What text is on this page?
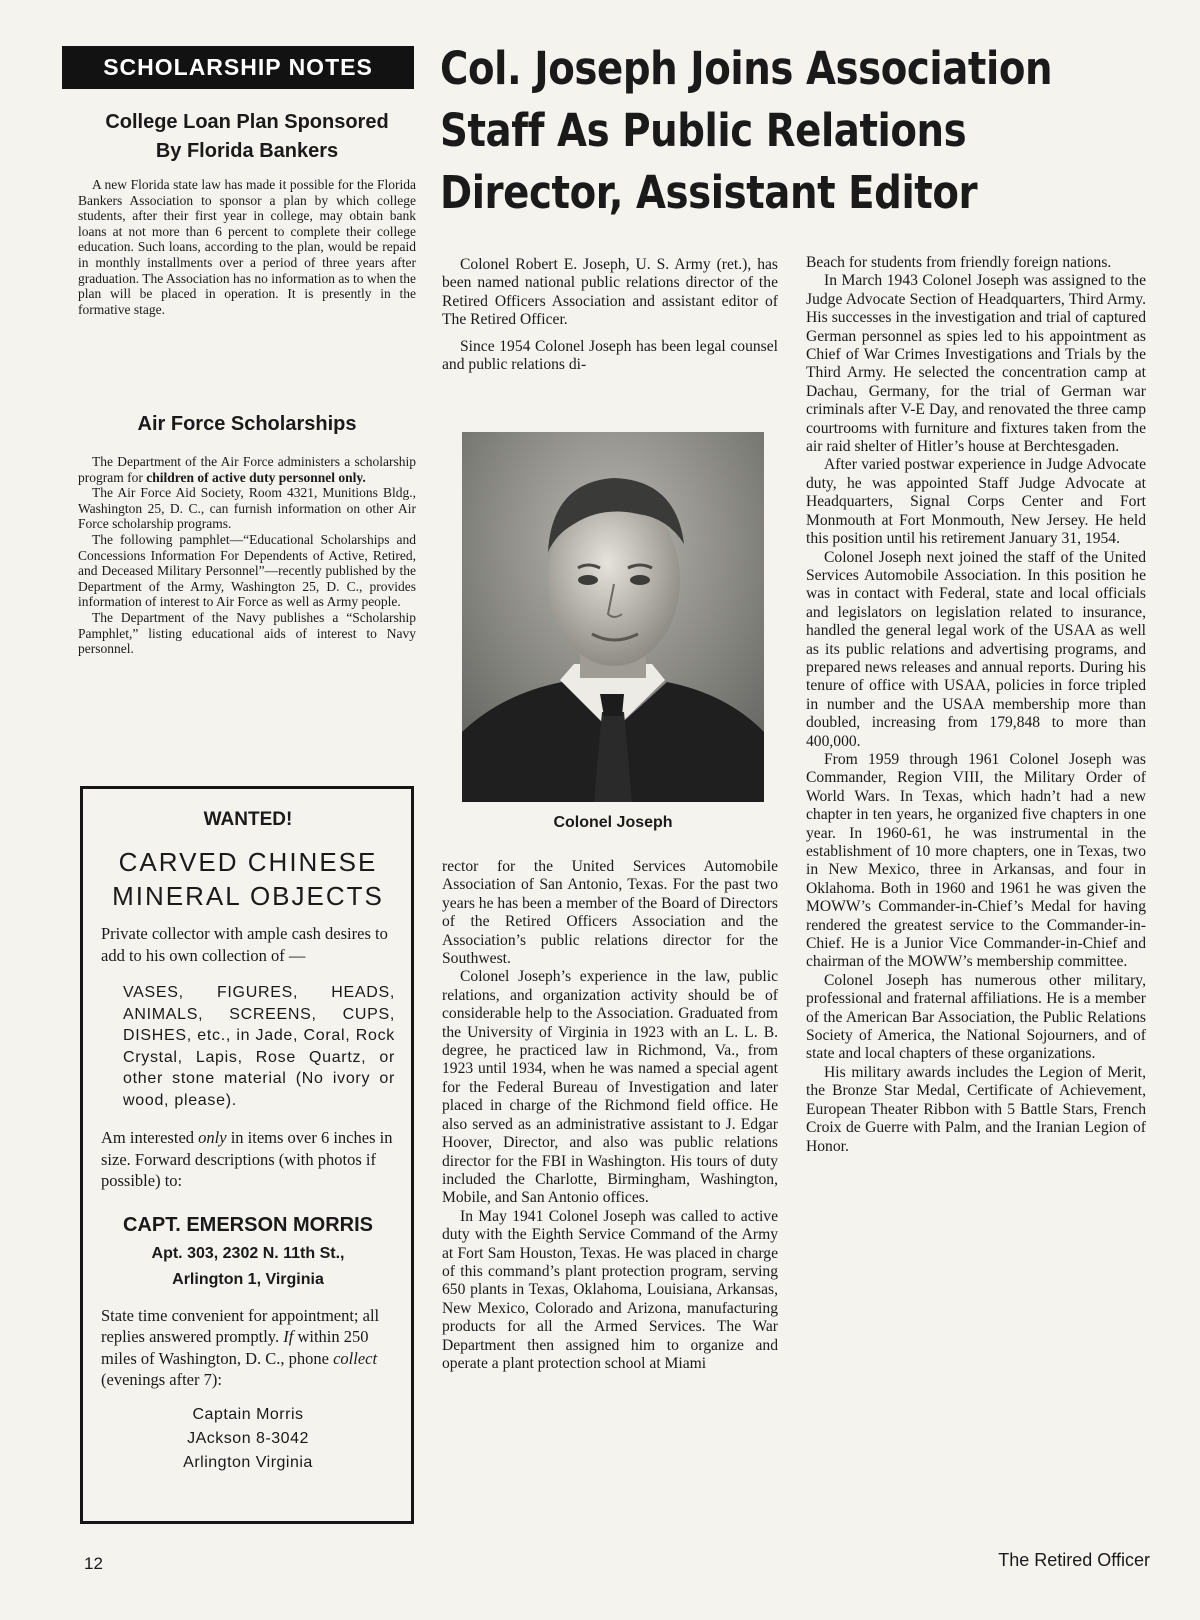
SCHOLARSHIP NOTES	Col. Joseph Joins Association
Staff As Public Relations
Director, Assistant Editor
College Loan Plan Sponsored
By Florida Bankers

A new Florida state law has made it possible for the Florida Bankers Association to sponsor a plan by which college students, after their first year in college, may obtain bank loans at not more than 6 percent to complete their college education. Such loans, according to the plan, would be repaid in monthly installments over a period of three years after graduation. The Association has no information as to when the plan will be placed in operation. It is presently in the formative stage.

Air Force Scholarships

The Department of the Air Force administers a scholarship program for children of active duty personnel only.

The Air Force Aid Society, Room 4321, Munitions Bldg., Washington 25, D. C., can furnish information on other Air Force scholarship programs.

The following pamphlet—“Educational Scholarships and Concessions Information For Dependents of Active, Retired, and Deceased Military Personnel”—recently published by the Department of the Army, Washington 25, D. C., provides information of interest to Air Force as well as Army people.

The Department of the Navy publishes a “Scholarship Pamphlet,” listing educational aids of interest to Navy personnel.

WANTED!
CARVED CHINESE
MINERAL OBJECTS

Private collector with ample cash desires to add to his own collection of —

VASES, FIGURES, HEADS, ANIMALS, SCREENS, CUPS, DISHES, etc., in Jade, Coral, Rock Crystal, Lapis, Rose Quartz, or other stone material (No ivory or wood, please).

Am interested only in items over 6 inches in size. Forward descriptions (with photos if possible) to:

CAPT. EMERSON MORRIS
Apt. 303, 2302 N. 11th St.,
Arlington 1, Virginia

State time convenient for appointment; all replies answered promptly. If within 250 miles of Washington, D. C., phone collect (evenings after 7):

Captain Morris
JAckson 8-3042
Arlington Virginia

Colonel Robert E. Joseph, U. S. Army (ret.), has been named national public relations director of the Retired Officers Association and assistant editor of The Retired Officer.

Since 1954 Colonel Joseph has been legal counsel and public relations di-

Colonel Joseph

rector for the United Services Automobile Association of San Antonio, Texas. For the past two years he has been a member of the Board of Directors of the Retired Officers Association and the Association’s public relations director for the Southwest.

Colonel Joseph’s experience in the law, public relations, and organization activity should be of considerable help to the Association. Graduated from the University of Virginia in 1923 with an L. L. B. degree, he practiced law in Richmond, Va., from 1923 until 1934, when he was named a special agent for the Federal Bureau of Investigation and later placed in charge of the Richmond field office. He also served as an administrative assistant to J. Edgar Hoover, Director, and also was public relations director for the FBI in Washington. His tours of duty included the Charlotte, Birmingham, Washington, Mobile, and San Antonio offices.

In May 1941 Colonel Joseph was called to active duty with the Eighth Service Command of the Army at Fort Sam Houston, Texas. He was placed in charge of this command’s plant protection program, serving 650 plants in Texas, Oklahoma, Louisiana, Arkansas, New Mexico, Colorado and Arizona, manufacturing products for all the Armed Services. The War Department then assigned him to organize and operate a plant protection school at Miami

Beach for students from friendly foreign nations.

In March 1943 Colonel Joseph was assigned to the Judge Advocate Section of Headquarters, Third Army. His successes in the investigation and trial of captured German personnel as spies led to his appointment as Chief of War Crimes Investigations and Trials by the Third Army. He selected the concentration camp at Dachau, Germany, for the trial of German war criminals after V-E Day, and renovated the three camp courtrooms with furniture and fixtures taken from the air raid shelter of Hitler’s house at Berchtesgaden.

After varied postwar experience in Judge Advocate duty, he was appointed Staff Judge Advocate at Headquarters, Signal Corps Center and Fort Monmouth at Fort Monmouth, New Jersey. He held this position until his retirement January 31, 1954.

Colonel Joseph next joined the staff of the United Services Automobile Association. In this position he was in contact with Federal, state and local officials and legislators on legislation related to insurance, handled the general legal work of the USAA as well as its public relations and advertising programs, and prepared news releases and annual reports. During his tenure of office with USAA, policies in force tripled in number and the USAA membership more than doubled, increasing from 179,848 to more than 400,000.

From 1959 through 1961 Colonel Joseph was Commander, Region VIII, the Military Order of World Wars. In Texas, which hadn’t had a new chapter in ten years, he organized five chapters in one year. In 1960-61, he was instrumental in the establishment of 10 more chapters, one in Texas, two in New Mexico, three in Arkansas, and four in Oklahoma. Both in 1960 and 1961 he was given the MOWW’s Commander-in-Chief’s Medal for having rendered the greatest service to the Commander-in-Chief. He is a Junior Vice Commander-in-Chief and chairman of the MOWW’s membership committee.

Colonel Joseph has numerous other military, professional and fraternal affiliations. He is a member of the American Bar Association, the Public Relations Society of America, the National Sojourners, and of state and local chapters of these organizations.

His military awards includes the Legion of Merit, the Bronze Star Medal, Certificate of Achievement, European Theater Ribbon with 5 Battle Stars, French Croix de Guerre with Palm, and the Iranian Legion of Honor.

12	The Retired Officer
